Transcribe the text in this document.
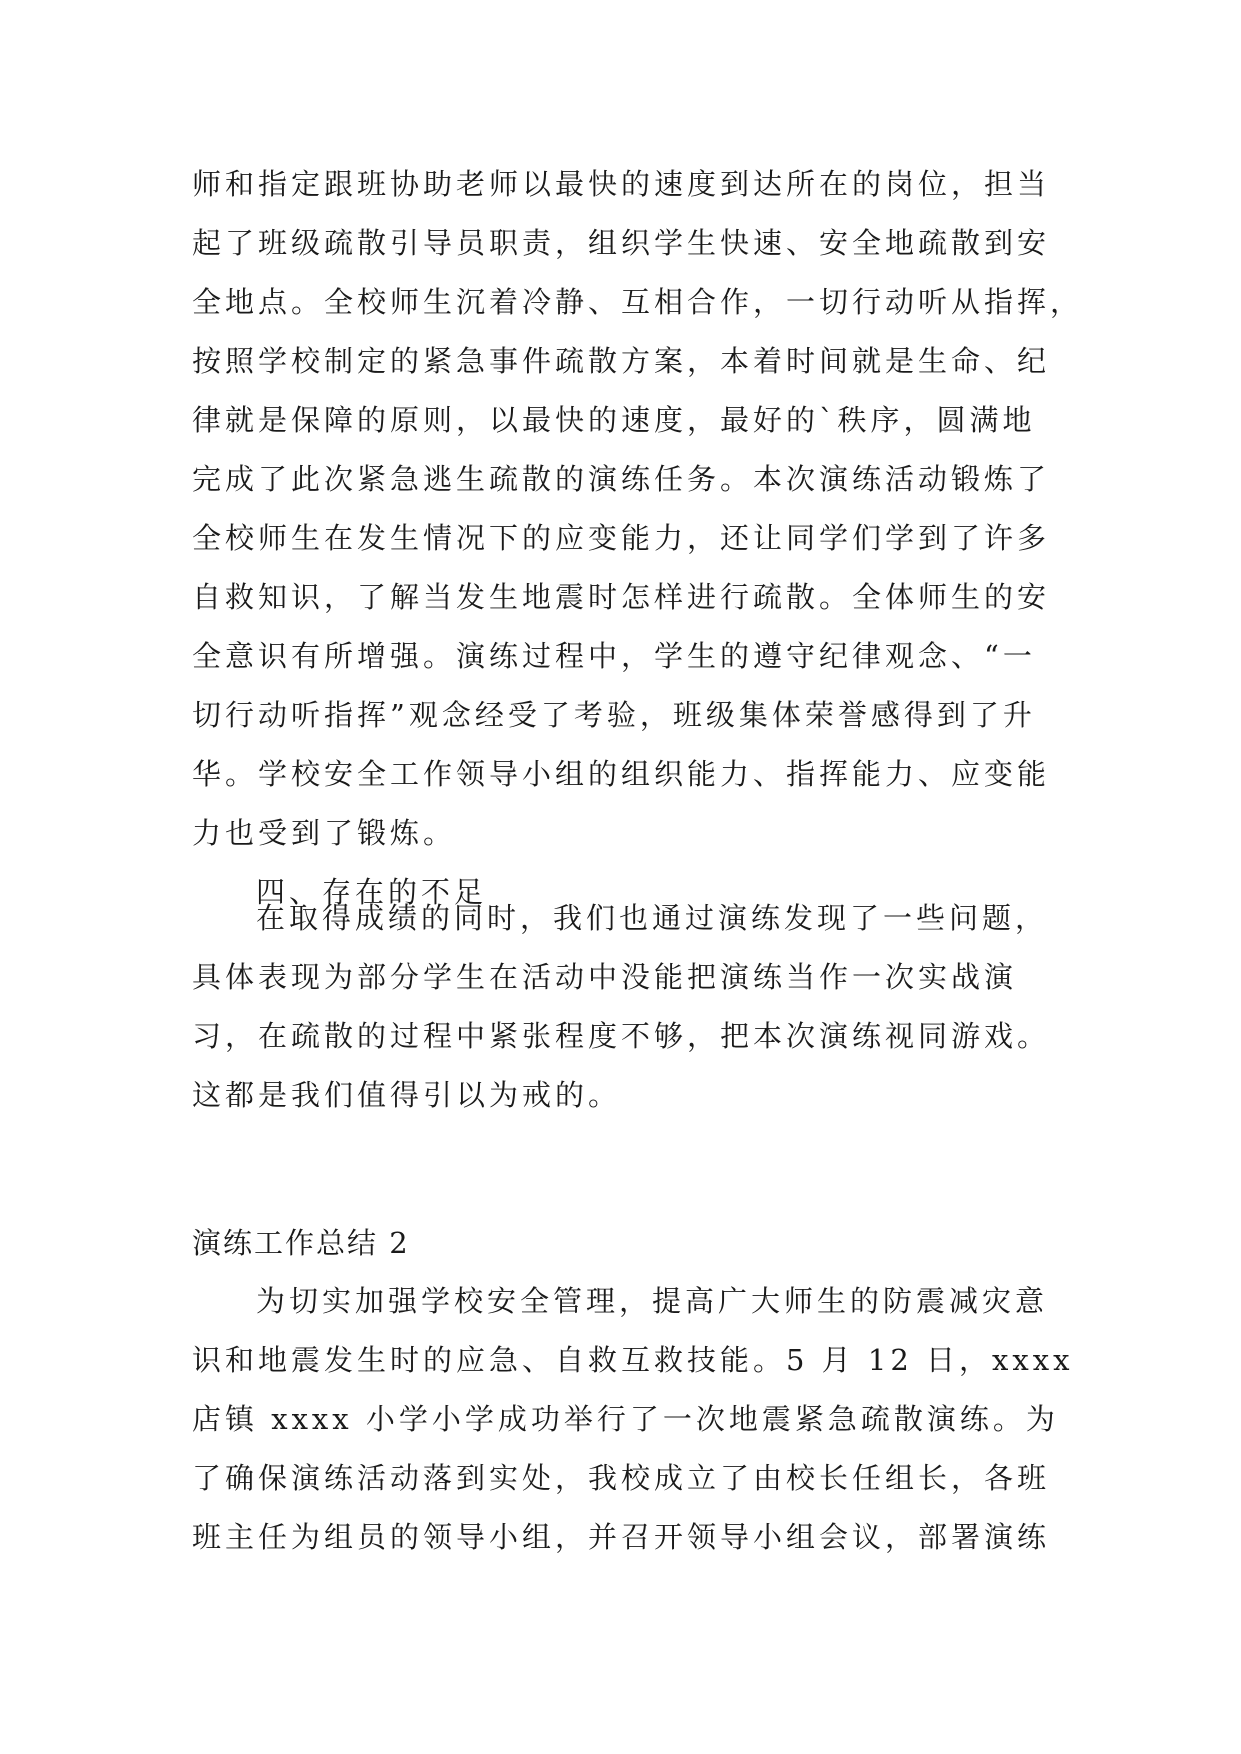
师和指定跟班协助老师以最快的速度到达所在的岗位，担当
起了班级疏散引导员职责，组织学生快速、安全地疏散到安
全地点。全校师生沉着冷静、互相合作，一切行动听从指挥，
按照学校制定的紧急事件疏散方案，本着时间就是生命、纪
律就是保障的原则，以最快的速度，最好的`秩序，圆满地
完成了此次紧急逃生疏散的演练任务。本次演练活动锻炼了
全校师生在发生情况下的应变能力，还让同学们学到了许多
自救知识，了解当发生地震时怎样进行疏散。全体师生的安
全意识有所增强。演练过程中，学生的遵守纪律观念、“一
切行动听指挥”观念经受了考验，班级集体荣誉感得到了升
华。学校安全工作领导小组的组织能力、指挥能力、应变能
力也受到了锻炼。
四、存在的不足
在取得成绩的同时，我们也通过演练发现了一些问题，
具体表现为部分学生在活动中没能把演练当作一次实战演
习，在疏散的过程中紧张程度不够，把本次演练视同游戏。
这都是我们值得引以为戒的。
演练工作总结 2
为切实加强学校安全管理，提高广大师生的防震减灾意
识和地震发生时的应急、自救互救技能。5 月 12 日，xxxx
店镇 xxxx 小学小学成功举行了一次地震紧急疏散演练。为
了确保演练活动落到实处，我校成立了由校长任组长，各班
班主任为组员的领导小组，并召开领导小组会议，部署演练
